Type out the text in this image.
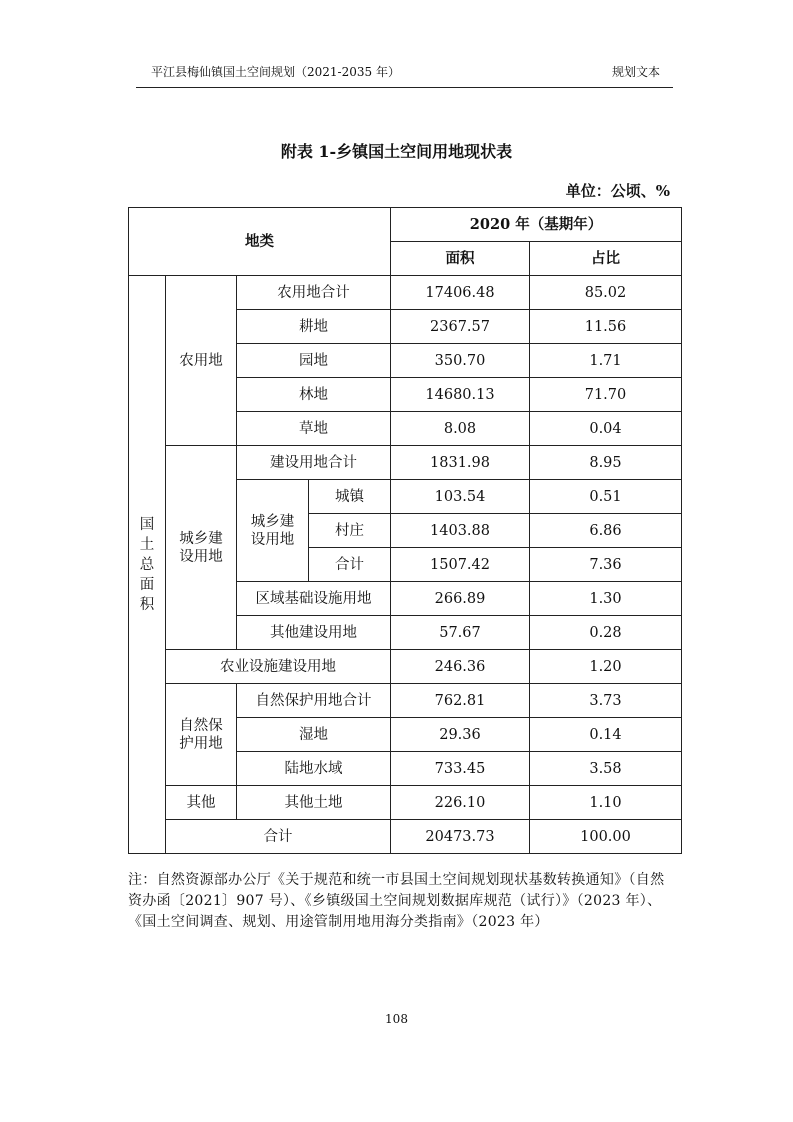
平江县梅仙镇国土空间规划（2021-2035 年）	规划文本
附表 1-乡镇国土空间用地现状表
单位：公顷、%
地类				2020 年（基期年）	
				面积	占比

国
土
总
面
积	农用地	农用地合计		17406.48	85.02
		耕地		2367.57	11.56
		园地		350.70	1.71
		林地		14680.13	71.70
		草地		8.08	0.04

	城乡建设用地	建设用地合计		1831.98	8.95

		城乡建设用地	城镇	103.54	0.51
			村庄	1403.88	6.86
			合计	1507.42	7.36
		区域基础设施用地		266.89	1.30
		其他建设用地		57.67	0.28
	农业设施建设用地			246.36	1.20

	自然保护用地	自然保护用地合计		762.81	3.73
		湿地		29.36	0.14
		陆地水域		733.45	3.58
	其他	其他土地		226.10	1.10
	合计			20473.73	100.00
注：自然资源部办公厅《关于规范和统一市县国土空间规划现状基数转换通知》（自然资办函〔2021〕907 号）、《乡镇级国土空间规划数据库规范（试行）》（2023 年）、《国土空间调查、规划、用途管制用地用海分类指南》（2023 年）
108
